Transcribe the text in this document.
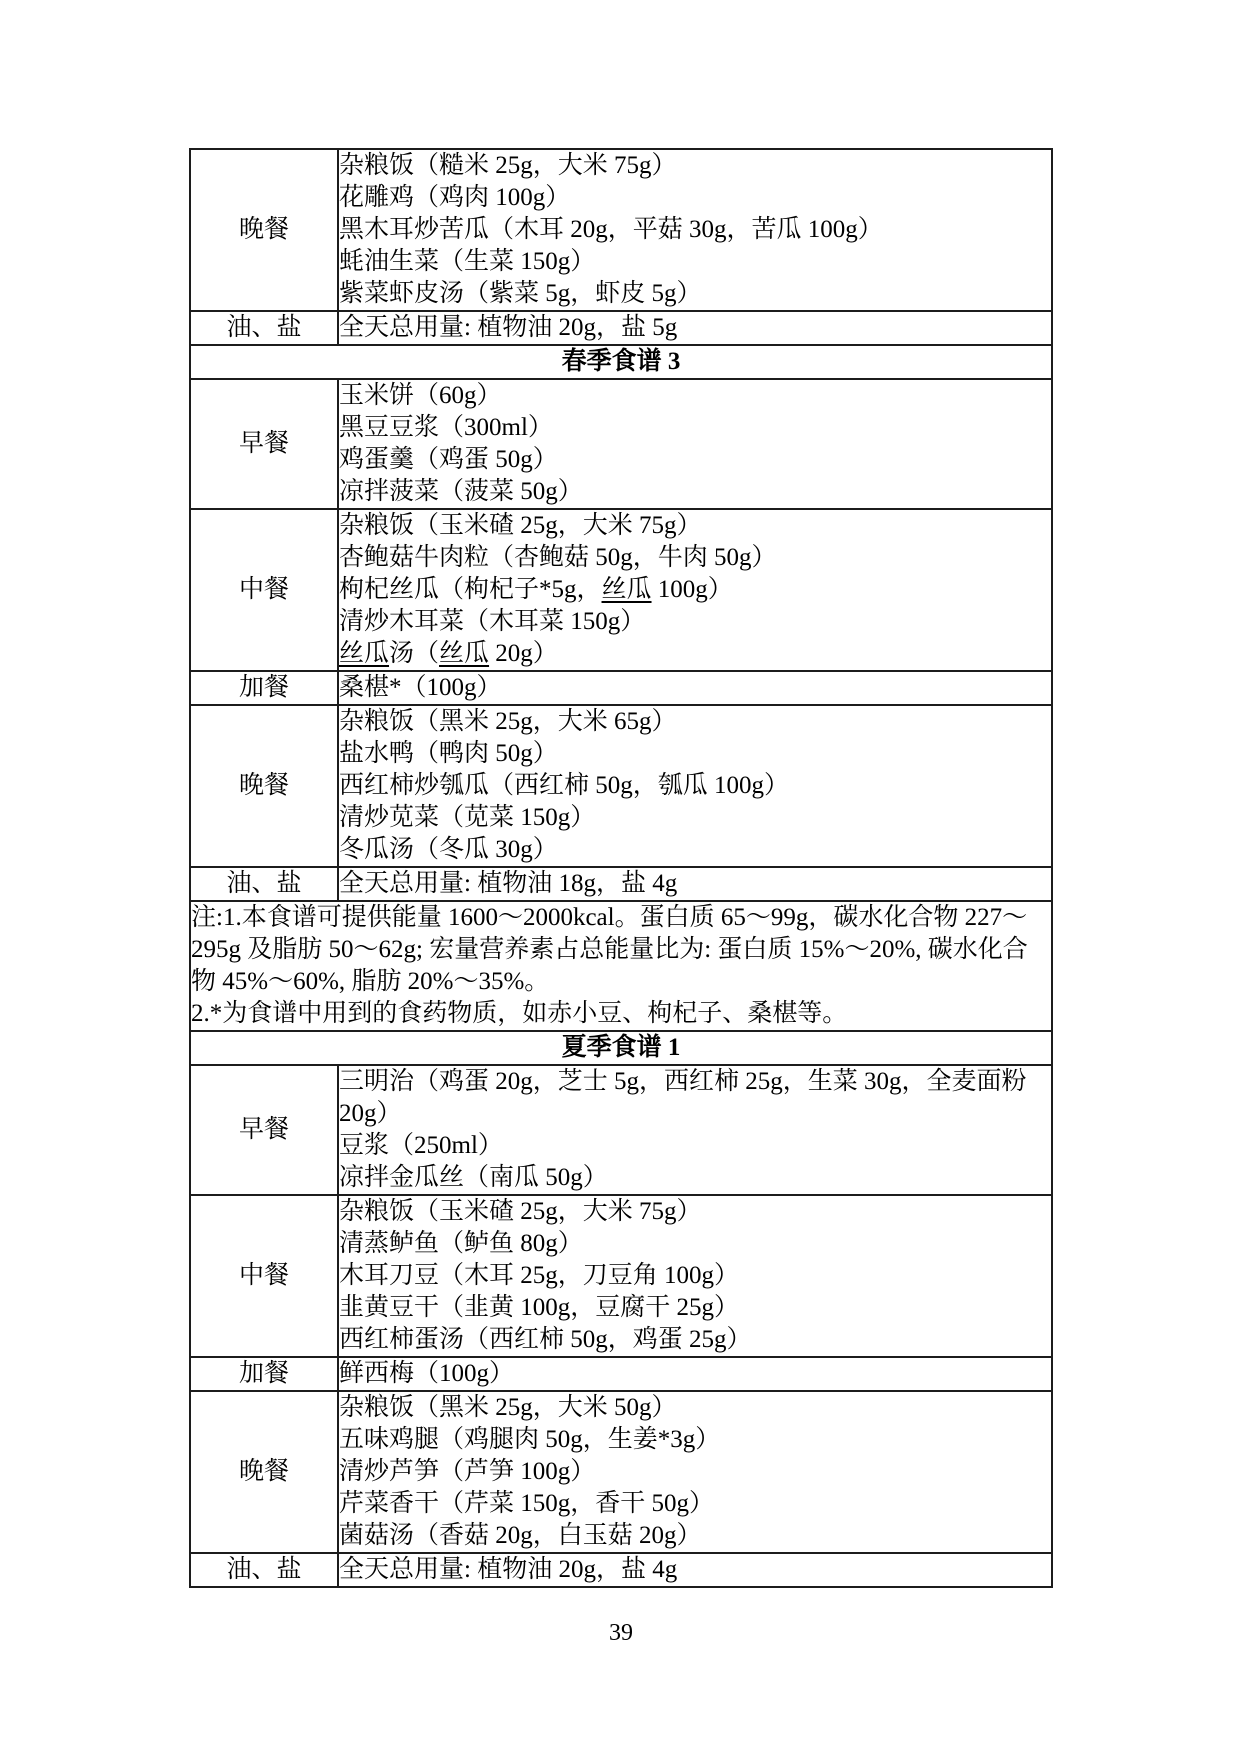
晚餐	杂粮饭（糙米 25g，大米 75g）
花雕鸡（鸡肉 100g）
黑木耳炒苦瓜（木耳 20g，平菇 30g，苦瓜 100g）
蚝油生菜（生菜 150g）
紫菜虾皮汤（紫菜 5g，虾皮 5g）

油、盐	全天总用量: 植物油 20g，盐 5g

春季食谱 3	
早餐	玉米饼（60g）
黑豆豆浆（300ml）
鸡蛋羹（鸡蛋 50g）
凉拌菠菜（菠菜 50g）

中餐	杂粮饭（玉米碴 25g，大米 75g）
杏鲍菇牛肉粒（杏鲍菇 50g，牛肉 50g）
枸杞丝瓜（枸杞子*5g，丝瓜 100g）
清炒木耳菜（木耳菜 150g）
丝瓜汤（丝瓜 20g）

加餐	桑椹*（100g）

晚餐	杂粮饭（黑米 25g，大米 65g）
盐水鸭（鸭肉 50g）
西红柿炒瓠瓜（西红柿 50g，瓠瓜 100g）
清炒苋菜（苋菜 150g）
冬瓜汤（冬瓜 30g）

油、盐	全天总用量: 植物油 18g，盐 4g

注:1.本食谱可提供能量 1600～2000kcal。蛋白质 65～99g，碳水化合物 227～
295g 及脂肪 50～62g; 宏量营养素占总能量比为: 蛋白质 15%～20%, 碳水化合
物 45%～60%, 脂肪 20%～35%。
2.*为食谱中用到的食药物质，如赤小豆、枸杞子、桑椹等。	

夏季食谱 1	
早餐	三明治（鸡蛋 20g，芝士 5g，西红柿 25g，生菜 30g，全麦面粉
20g）
豆浆（250ml）
凉拌金瓜丝（南瓜 50g）

中餐	杂粮饭（玉米碴 25g，大米 75g）
清蒸鲈鱼（鲈鱼 80g）
木耳刀豆（木耳 25g，刀豆角 100g）
韭黄豆干（韭黄 100g，豆腐干 25g）
西红柿蛋汤（西红柿 50g，鸡蛋 25g）

加餐	鲜西梅（100g）

晚餐	杂粮饭（黑米 25g，大米 50g）
五味鸡腿（鸡腿肉 50g，生姜*3g）
清炒芦笋（芦笋 100g）
芹菜香干（芹菜 150g，香干 50g）
菌菇汤（香菇 20g，白玉菇 20g）

油、盐	全天总用量: 植物油 20g，盐 4g
39
